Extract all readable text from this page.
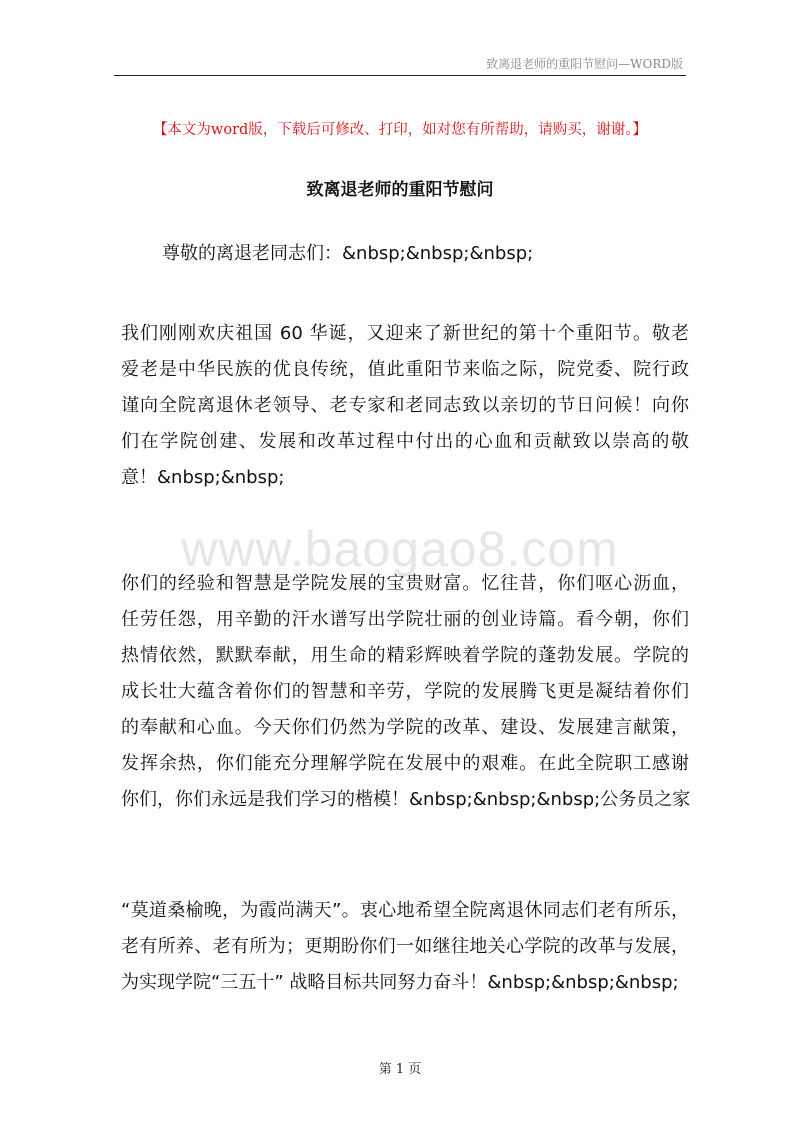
致离退老师的重阳节慰问—WORD版
www.baogao8.com
【本文为word版，下载后可修改、打印，如对您有所帮助，请购买，谢谢。】
致离退老师的重阳节慰问
尊敬的离退老同志们：&nbsp;&nbsp;&nbsp;
我们刚刚欢庆祖国 60 华诞，又迎来了新世纪的第十个重阳节。敬老
爱老是中华民族的优良传统，值此重阳节来临之际，院党委、院行政
谨向全院离退休老领导、老专家和老同志致以亲切的节日问候！向你
们在学院创建、发展和改革过程中付出的心血和贡献致以崇高的敬
意！&nbsp;&nbsp;
你们的经验和智慧是学院发展的宝贵财富。忆往昔，你们呕心沥血，
任劳任怨，用辛勤的汗水谱写出学院壮丽的创业诗篇。看今朝，你们
热情依然，默默奉献，用生命的精彩辉映着学院的蓬勃发展。学院的
成长壮大蕴含着你们的智慧和辛劳，学院的发展腾飞更是凝结着你们
的奉献和心血。今天你们仍然为学院的改革、建设、发展建言献策，
发挥余热，你们能充分理解学院在发展中的艰难。在此全院职工感谢
你们，你们永远是我们学习的楷模！&nbsp;&nbsp;&nbsp;公务员之家
“莫道桑榆晚，为霞尚满天”。衷心地希望全院离退休同志们老有所乐，
老有所养、老有所为；更期盼你们一如继往地关心学院的改革与发展，
为实现学院“三五十” 战略目标共同努力奋斗！&nbsp;&nbsp;&nbsp;
第 1 页
